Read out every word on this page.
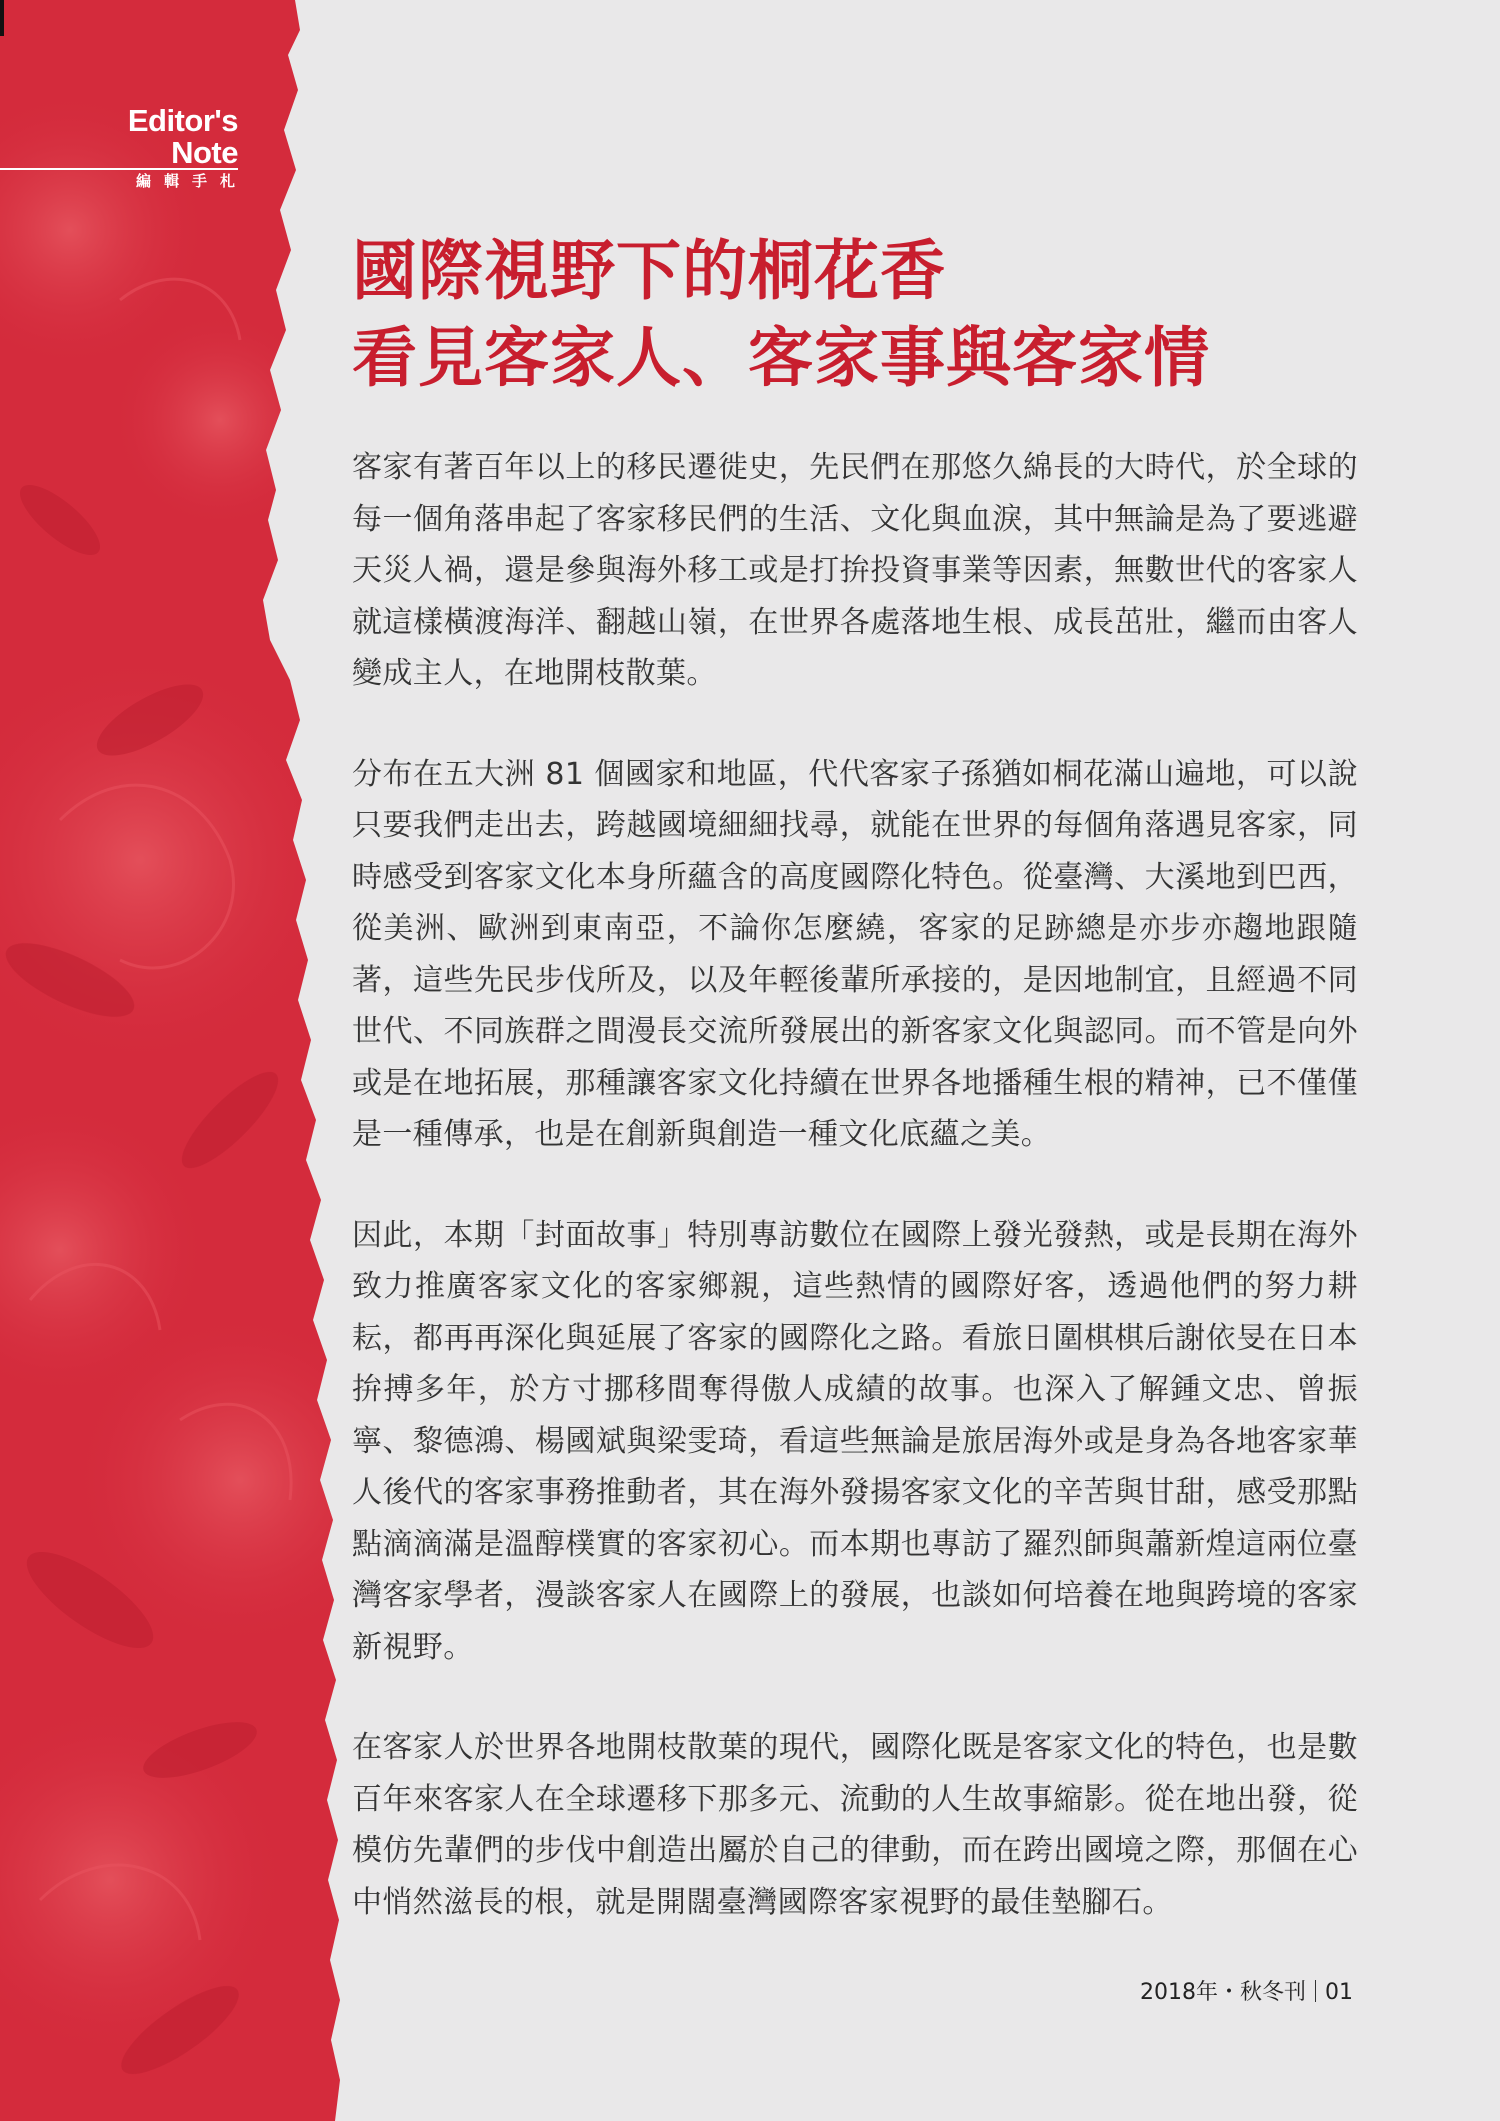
Editor's
Note
編輯手札
國際視野下的桐花香
看見客家人、客家事與客家情

客家有著百年以上的移民遷徙史，先民們在那悠久綿長的大時代，於全球的每一個角落串起了客家移民們的生活、文化與血淚，其中無論是為了要逃避天災人禍，還是參與海外移工或是打拚投資事業等因素，無數世代的客家人就這樣橫渡海洋、翻越山嶺，在世界各處落地生根、成長茁壯，繼而由客人變成主人，在地開枝散葉。

分布在五大洲 81 個國家和地區，代代客家子孫猶如桐花滿山遍地，可以說只要我們走出去，跨越國境細細找尋，就能在世界的每個角落遇見客家，同時感受到客家文化本身所蘊含的高度國際化特色。從臺灣、大溪地到巴西，從美洲、歐洲到東南亞，不論你怎麼繞，客家的足跡總是亦步亦趨地跟隨著，這些先民步伐所及，以及年輕後輩所承接的，是因地制宜，且經過不同世代、不同族群之間漫長交流所發展出的新客家文化與認同。而不管是向外或是在地拓展，那種讓客家文化持續在世界各地播種生根的精神，已不僅僅是一種傳承，也是在創新與創造一種文化底蘊之美。

因此，本期「封面故事」特別專訪數位在國際上發光發熱，或是長期在海外致力推廣客家文化的客家鄉親，這些熱情的國際好客，透過他們的努力耕耘，都再再深化與延展了客家的國際化之路。看旅日圍棋棋后謝依旻在日本拚搏多年，於方寸挪移間奪得傲人成績的故事。也深入了解鍾文忠、曾振寧、黎德鴻、楊國斌與梁雯琦，看這些無論是旅居海外或是身為各地客家華人後代的客家事務推動者，其在海外發揚客家文化的辛苦與甘甜，感受那點點滴滴滿是溫醇樸實的客家初心。而本期也專訪了羅烈師與蕭新煌這兩位臺灣客家學者，漫談客家人在國際上的發展，也談如何培養在地與跨境的客家新視野。

在客家人於世界各地開枝散葉的現代，國際化既是客家文化的特色，也是數百年來客家人在全球遷移下那多元、流動的人生故事縮影。從在地出發，從模仿先輩們的步伐中創造出屬於自己的律動，而在跨出國境之際，那個在心中悄然滋長的根，就是開闊臺灣國際客家視野的最佳墊腳石。

2018年・秋冬刊 01
